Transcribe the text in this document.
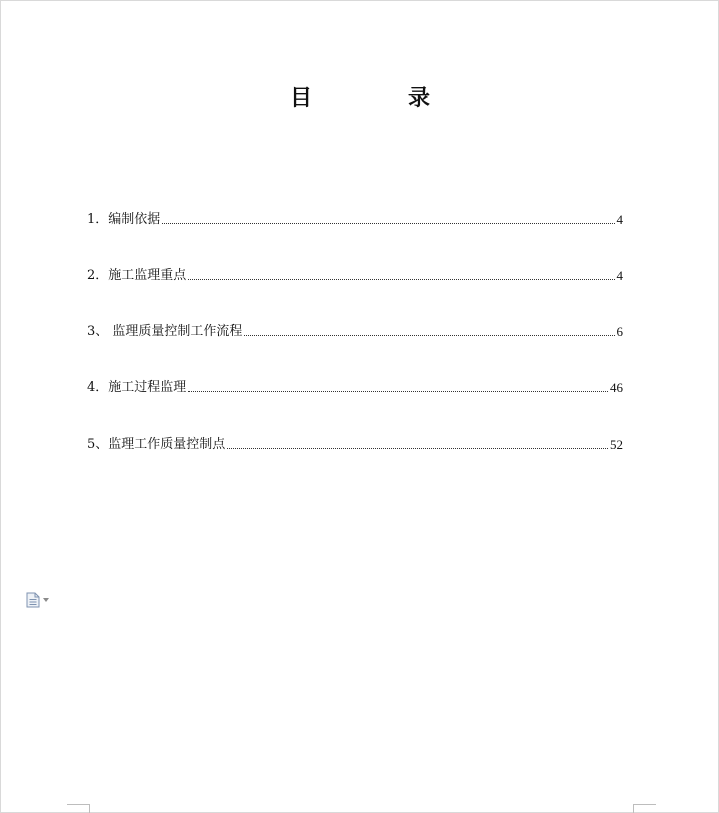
目	录
1．编制依据	4
2．施工监理重点	4
3、 监理质量控制工作流程	6
4．施工过程监理	46
5、监理工作质量控制点	52
